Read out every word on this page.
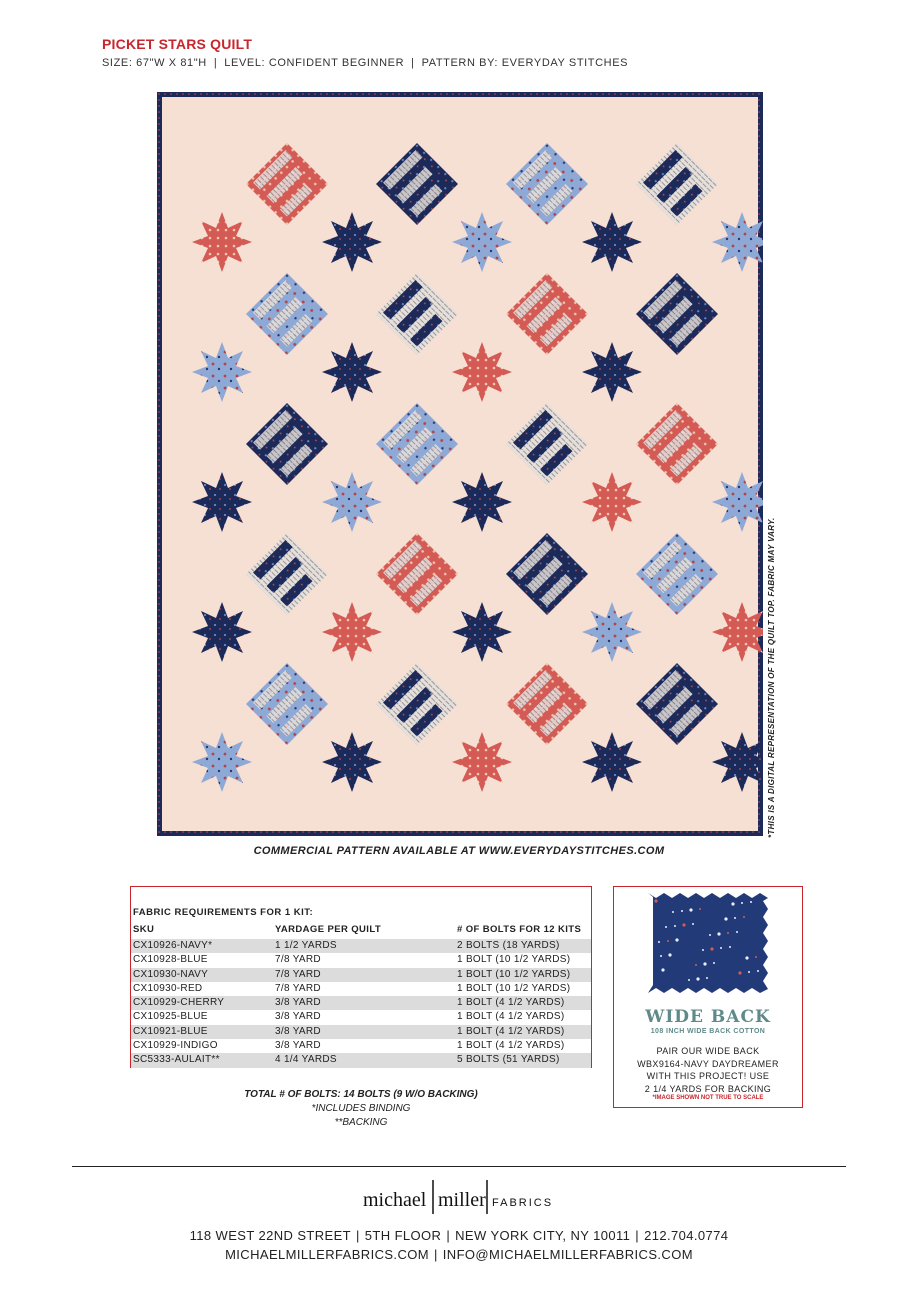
PICKET STARS QUILT
SIZE: 67"W X 81"H | LEVEL: CONFIDENT BEGINNER | PATTERN BY: EVERYDAY STITCHES
*THIS IS A DIGITAL REPRESENTATION OF THE QUILT TOP. FABRIC MAY VARY.
COMMERCIAL PATTERN AVAILABLE AT WWW.EVERYDAYSTITCHES.COM
FABRIC REQUIREMENTS FOR 1 KIT:
SKU	YARDAGE PER QUILT	# OF BOLTS FOR 12 KITS
CX10926-NAVY*	1 1/2 YARDS	2 BOLTS (18 YARDS)
CX10928-BLUE	7/8 YARD	1 BOLT (10 1/2 YARDS)
CX10930-NAVY	7/8 YARD	1 BOLT (10 1/2 YARDS)
CX10930-RED	7/8 YARD	1 BOLT (10 1/2 YARDS)
CX10929-CHERRY	3/8 YARD	1 BOLT (4 1/2 YARDS)
CX10925-BLUE	3/8 YARD	1 BOLT (4 1/2 YARDS)
CX10921-BLUE	3/8 YARD	1 BOLT (4 1/2 YARDS)
CX10929-INDIGO	3/8 YARD	1 BOLT (4 1/2 YARDS)
SC5333-AULAIT**	4 1/4 YARDS	5 BOLTS (51 YARDS)
TOTAL # OF BOLTS: 14 BOLTS (9 W/O BACKING)
*INCLUDES BINDING
**BACKING
WIDE BACK
108 INCH WIDE BACK COTTON
PAIR OUR WIDE BACK
WBX9164-NAVY DAYDREAMER
WITH THIS PROJECT! USE
2 1/4 YARDS FOR BACKING
*IMAGE SHOWN NOT TRUE TO SCALE
michael miller FABRICS
118 WEST 22ND STREET | 5TH FLOOR | NEW YORK CITY, NY 10011 | 212.704.0774
MICHAELMILLERFABRICS.COM | INFO@MICHAELMILLERFABRICS.COM
